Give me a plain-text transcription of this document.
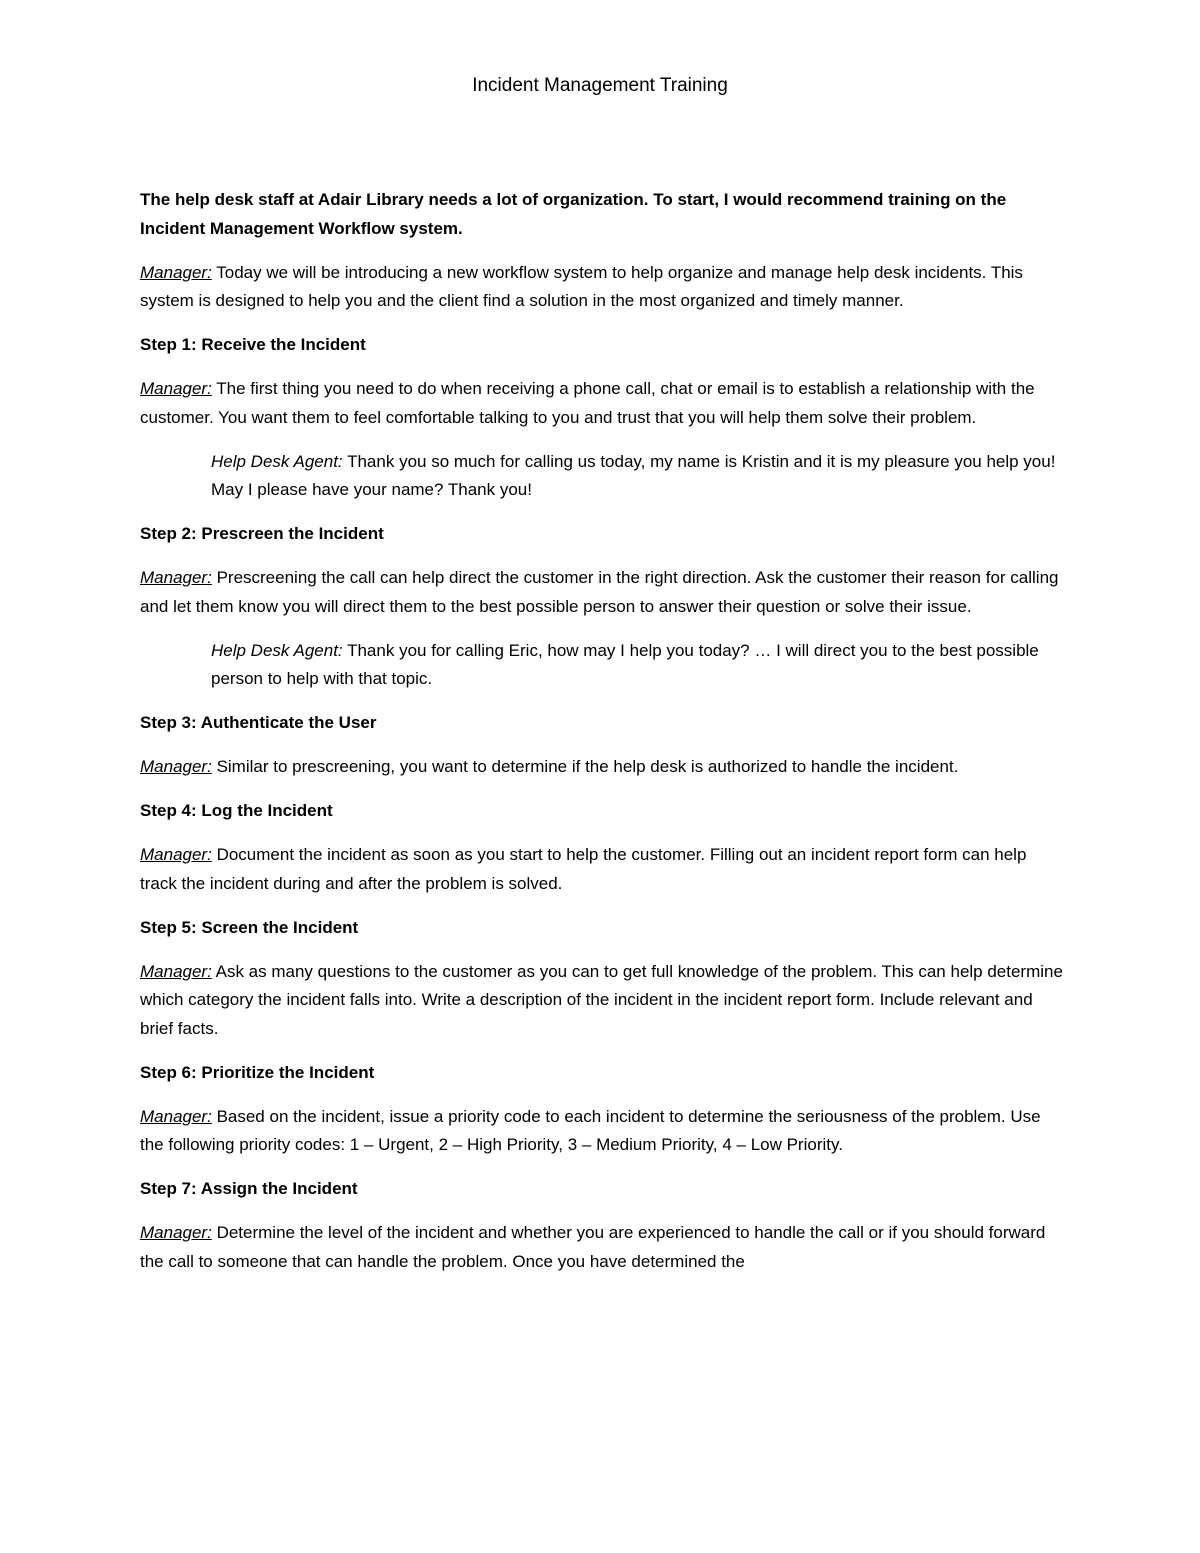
Incident Management Training

The help desk staff at Adair Library needs a lot of organization. To start, I would recommend training on the Incident Management Workflow system.

Manager: Today we will be introducing a new workflow system to help organize and manage help desk incidents. This system is designed to help you and the client find a solution in the most organized and timely manner.

Step 1: Receive the Incident

Manager: The first thing you need to do when receiving a phone call, chat or email is to establish a relationship with the customer. You want them to feel comfortable talking to you and trust that you will help them solve their problem.

Help Desk Agent: Thank you so much for calling us today, my name is Kristin and it is my pleasure you help you! May I please have your name? Thank you!

Step 2: Prescreen the Incident

Manager: Prescreening the call can help direct the customer in the right direction. Ask the customer their reason for calling and let them know you will direct them to the best possible person to answer their question or solve their issue.

Help Desk Agent: Thank you for calling Eric, how may I help you today? … I will direct you to the best possible person to help with that topic.

Step 3: Authenticate the User

Manager: Similar to prescreening, you want to determine if the help desk is authorized to handle the incident.

Step 4: Log the Incident

Manager: Document the incident as soon as you start to help the customer. Filling out an incident report form can help track the incident during and after the problem is solved.

Step 5: Screen the Incident

Manager: Ask as many questions to the customer as you can to get full knowledge of the problem. This can help determine which category the incident falls into. Write a description of the incident in the incident report form. Include relevant and brief facts.

Step 6: Prioritize the Incident

Manager: Based on the incident, issue a priority code to each incident to determine the seriousness of the problem. Use the following priority codes: 1 – Urgent, 2 – High Priority, 3 – Medium Priority, 4 – Low Priority.

Step 7: Assign the Incident

Manager: Determine the level of the incident and whether you are experienced to handle the call or if you should forward the call to someone that can handle the problem. Once you have determined the
